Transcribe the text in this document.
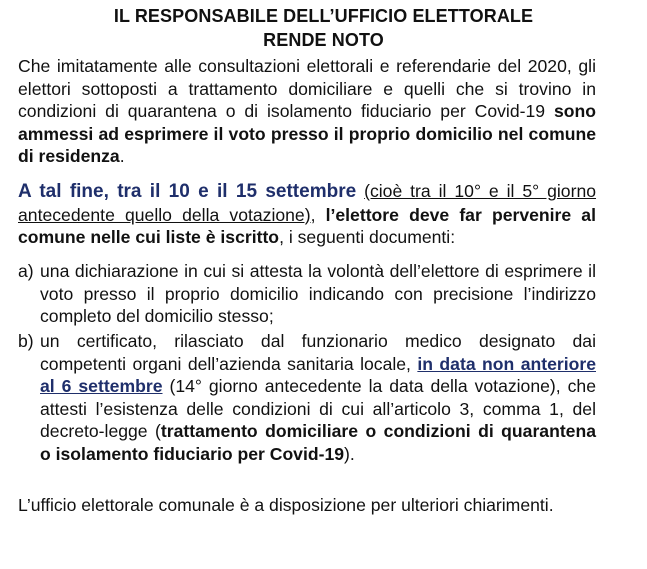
IL RESPONSABILE DELL’UFFICIO ELETTORALE
RENDE NOTO
Che imitatamente alle consultazioni elettorali e referendarie del 2020, gli elettori sottoposti a trattamento domiciliare e quelli che si trovino in condizioni di quarantena o di isolamento fiduciario per Covid-19 sono ammessi ad esprimere il voto presso il proprio domicilio nel comune di residenza.
A tal fine, tra il 10 e il 15 settembre (cioè tra il 10° e il 5° giorno antecedente quello della votazione), l’elettore deve far pervenire al comune nelle cui liste è iscritto, i seguenti documenti:
a) una dichiarazione in cui si attesta la volontà dell’elettore di esprimere il voto presso il proprio domicilio indicando con precisione l’indirizzo completo del domicilio stesso;
b) un certificato, rilasciato dal funzionario medico designato dai competenti organi dell’azienda sanitaria locale, in data non anteriore al 6 settembre (14° giorno antecedente la data della votazione), che attesti l’esistenza delle condizioni di cui all’articolo 3, comma 1, del decreto-legge (trattamento domiciliare o condizioni di quarantena o isolamento fiduciario per Covid-19).
L’ufficio elettorale comunale è a disposizione per ulteriori chiarimenti.
